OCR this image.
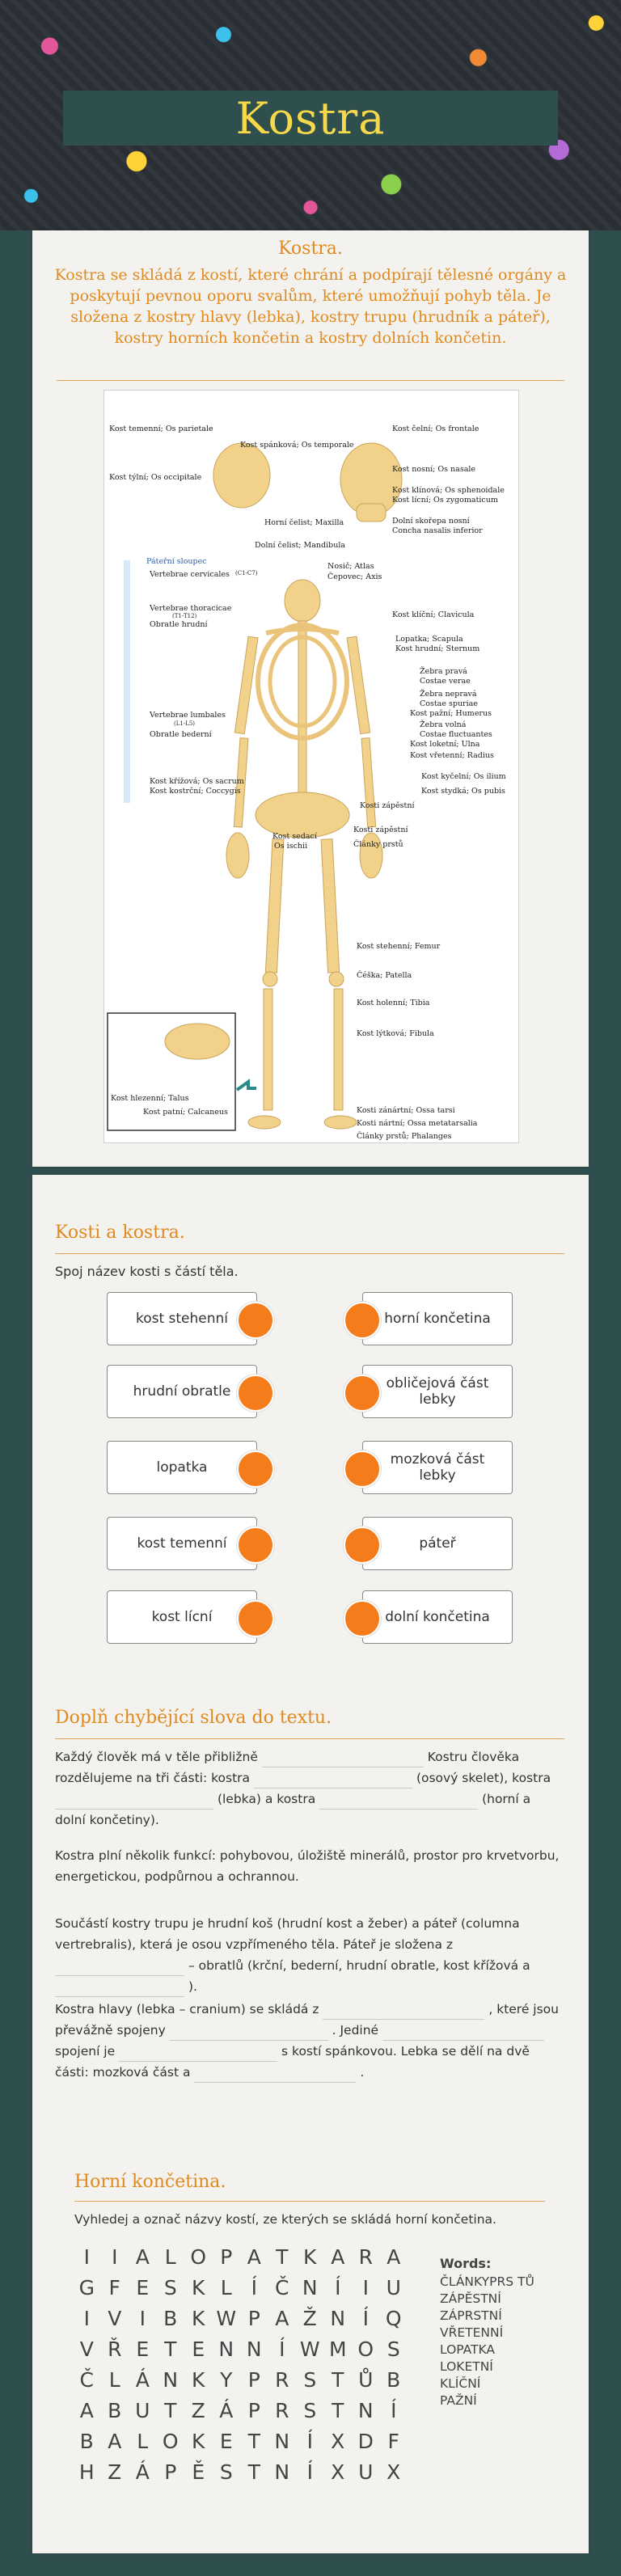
Kostra
Kostra.
Kostra se skládá z kostí, které chrání a podpírají tělesné orgány a poskytují pevnou oporu svalům, které umožňují pohyb těla. Je složena z kostry hlavy (lebka), kostry trupu (hrudník a páteř), kostry horních končetin a kostry dolních končetin.
Kost temenní; Os parietale
Kost spánková; Os temporale
Kost čelní; Os frontale
Kost týlní; Os occipitale
Kost nosní; Os nasale
Kost klínová; Os sphenoidale
Kost lícní; Os zygomaticum
Horní čelist; Maxilla	Dolní skořepa nosní
Concha nasalis inferior
Dolní čelist; Mandibula
Páteřní sloupec
Vertebrae cervicales (C1-C7)
Nosič; Atlas
Čepovec; Axis
Vertebrae thoracicae
(T1-T12)
Obratle hrudní
Kost klíční; Clavicula
Lopatka; Scapula
Kost hrudní; Sternum
Žebra pravá
Costae verae
Žebra nepravá
Costae spuriae
Kost pažní; Humerus
Žebra volná
Costae fluctuantes
Kost loketní; Ulna
Kost vřetenní; Radius
Vertebrae lumbales
(L1-L5)
Obratle bederní
Kost křížová; Os sacrum
Kost kostrční; Coccygis
Kost kyčelní; Os ilium
Kost stydká; Os pubis
Kosti zápěstní
Kosti zápěstní
Články prstů
Kost sedací
Os ischii
Kost stehenní; Femur
Čéška; Patella
Kost holenní; Tibia
Kost lýtková; Fibula
Kost hlezenní; Talus
Kost patní; Calcaneus	Kosti zánártní; Ossa tarsi
Kosti nártní; Ossa metatarsalia
Články prstů; Phalanges
Kosti a kostra.
Spoj název kosti s částí těla.
kost stehenní
hrudní obratle
lopatka
kost temenní
kost lícní
horní končetina
obličejová část lebky
mozková část lebky
páteř
dolní končetina
Doplň chybějící slova do textu.
Každý člověk má v těle přibližně	Kostru člověka rozdělujeme na tři části: kostra	(osový skelet), kostra  (lebka) a kostra	(horní a dolní končetiny).
Kostra plní několik funkcí: pohybovou, úložiště minerálů, prostor pro krvetvorbu, energetickou, podpůrnou a ochrannou.
Součástí kostry trupu je hrudní koš (hrudní kost a žeber) a páteř (columna vertrebralis), která je osou vzpřímeného těla. Páteř je složena z  – obratlů (krční, bederní, hrudní obratle, kost křížová a  ).
Kostra hlavy (lebka – cranium) se skládá z	, které jsou převážně spojeny	. Jediné  spojení je	s kostí spánkovou. Lebka se dělí na dvě části: mozková část a	.
Horní končetina.
Vyhledej a označ názvy kostí, ze kterých se skládá horní končetina.
I	I A L O P A T K A R A
G F E S K L Í Č N Í	I U
I V I B K W P A Ž N Í Q
V Ř E T E N N Í W M O S
Č L Á N K Y P R S T Ů B
A B U T Z Á P R S T N Í
B A L O K E T N Í X D F
H Z Á P Ě S T N Í X U X
Words:
ČLÁNKYPRS TŮ
ZÁPĚSTNÍ
ZÁPRSTNÍ
VŘETENNÍ
LOPATKA
LOKETNÍ
KLÍČNÍ
PAŽNÍ
